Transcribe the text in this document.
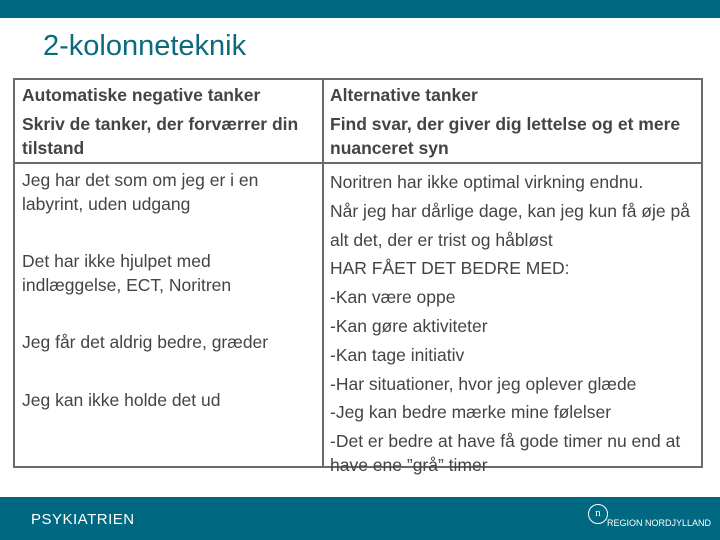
2-kolonneteknik
Automatiske negative tanker
Skriv de tanker, der forværrer din tilstand
Alternative tanker
Find svar, der giver dig lettelse og et mere nuanceret syn
Jeg har det som om jeg er i en labyrint, uden udgang
Det har ikke hjulpet med indlæggelse, ECT, Noritren
Jeg får det aldrig bedre, græder
Jeg kan ikke holde det ud
Noritren har ikke optimal virkning endnu.
Når jeg har dårlige dage, kan jeg kun få øje på alt det, der er trist og håbløst
HAR FÅET DET BEDRE MED:
-Kan være oppe
-Kan gøre aktiviteter
-Kan tage initiativ
-Har situationer, hvor jeg oplever glæde
-Jeg kan bedre mærke mine følelser
-Det er bedre at have få gode timer nu end at have ene ”grå” timer
PSYKIATRIEN	n
REGION NORDJYLLAND
